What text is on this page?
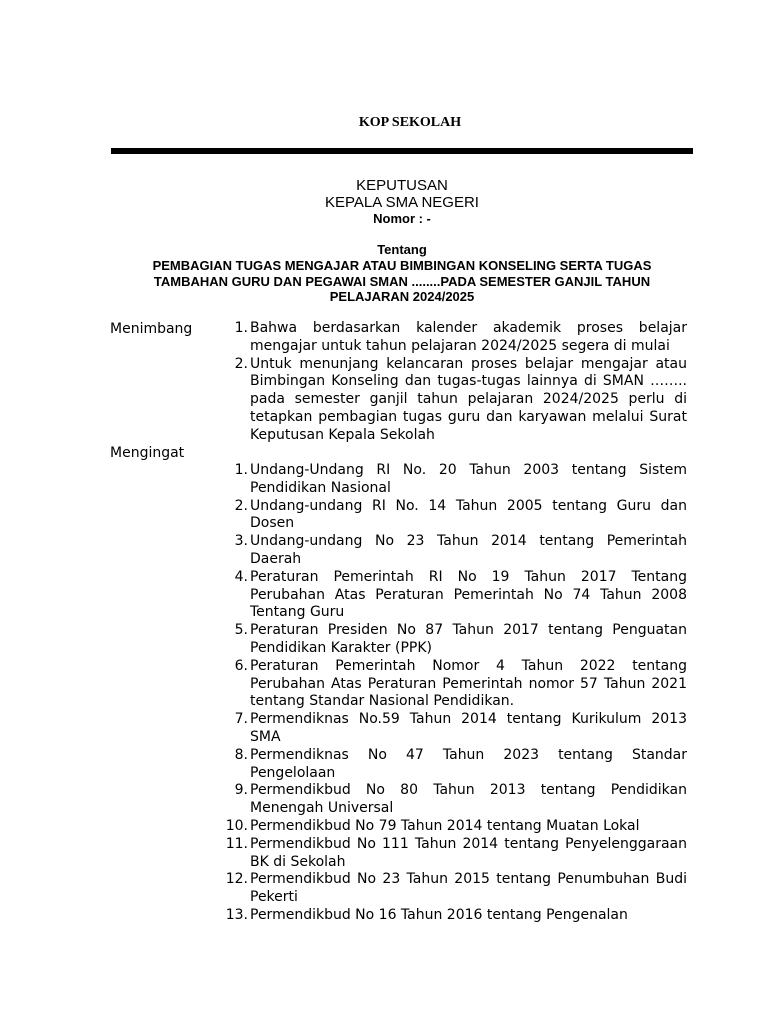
KOP SEKOLAH
KEPUTUSAN
KEPALA SMA NEGERI
Nomor : -
Tentang
PEMBAGIAN TUGAS MENGAJAR ATAU BIMBINGAN KONSELING SERTA TUGAS TAMBAHAN GURU DAN PEGAWAI SMAN ........PADA SEMESTER GANJIL TAHUN PELAJARAN 2024/2025
Menimbang	1. Bahwa berdasarkan kalender akademik proses belajar mengajar untuk tahun pelajaran 2024/2025 segera di mulai
2. Untuk menunjang kelancaran proses belajar mengajar atau Bimbingan Konseling dan tugas-tugas lainnya di SMAN …….. pada semester ganjil tahun pelajaran 2024/2025 perlu di tetapkan pembagian tugas guru dan karyawan melalui Surat Keputusan Kepala Sekolah
Mengingat
1. Undang-Undang RI No. 20 Tahun 2003 tentang Sistem Pendidikan Nasional
2. Undang-undang RI No. 14 Tahun 2005 tentang Guru dan Dosen
3. Undang-undang No 23 Tahun 2014 tentang Pemerintah Daerah
4. Peraturan Pemerintah RI No 19 Tahun 2017 Tentang Perubahan Atas Peraturan Pemerintah No 74 Tahun 2008 Tentang Guru
5. Peraturan Presiden No 87 Tahun 2017 tentang Penguatan Pendidikan Karakter (PPK)
6. Peraturan Pemerintah Nomor 4 Tahun 2022 tentang Perubahan Atas Peraturan Pemerintah nomor 57 Tahun 2021 tentang Standar Nasional Pendidikan.
7. Permendiknas No.59 Tahun 2014 tentang Kurikulum 2013 SMA
8. Permendiknas No 47 Tahun 2023 tentang Standar Pengelolaan
9. Permendikbud No 80 Tahun 2013 tentang Pendidikan Menengah Universal
10. Permendikbud No 79 Tahun 2014 tentang Muatan Lokal
11. Permendikbud No 111 Tahun 2014 tentang Penyelenggaraan BK di Sekolah
12. Permendikbud No 23 Tahun 2015 tentang Penumbuhan Budi Pekerti
13. Permendikbud No 16 Tahun 2016 tentang Pengenalan
